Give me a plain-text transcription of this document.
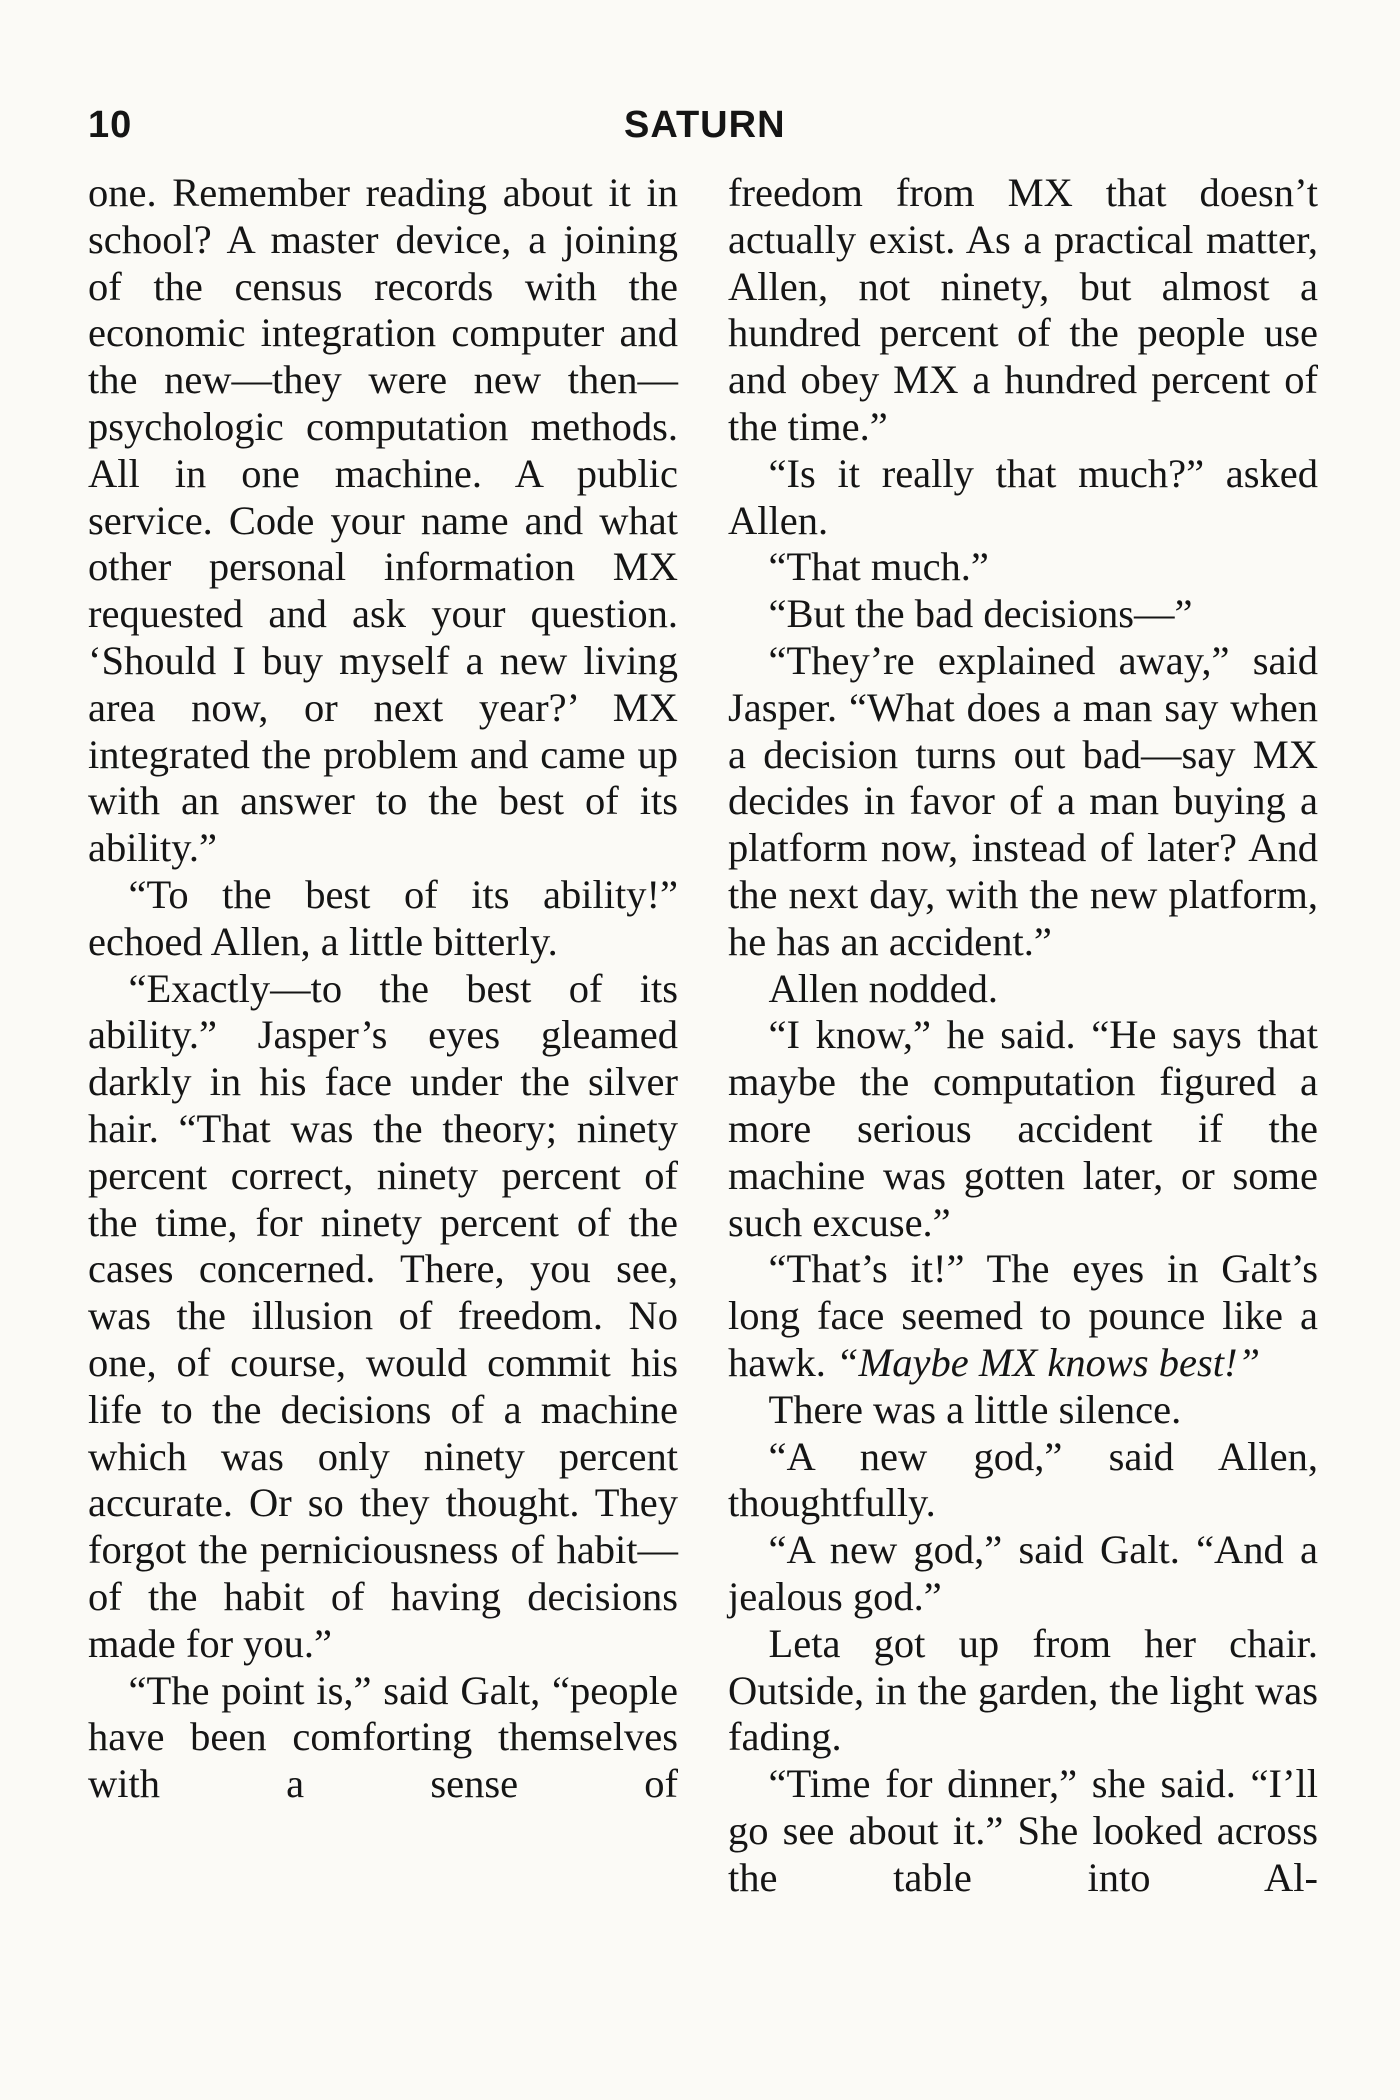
10	SATURN

one. Remember reading about it in school? A master device, a joining of the census records with the economic integration computer and the new—they were new then—psychologic computation methods. All in one machine. A public service. Code your name and what other personal information MX requested and ask your question. ‘Should I buy myself a new living area now, or next year?’ MX integrated the problem and came up with an answer to the best of its ability.”

“To the best of its ability!” echoed Allen, a little bitterly.

“Exactly—to the best of its ability.” Jasper’s eyes gleamed darkly in his face under the silver hair. “That was the theory; ninety percent correct, ninety percent of the time, for ninety percent of the cases concerned. There, you see, was the illusion of freedom. No one, of course, would commit his life to the decisions of a machine which was only ninety percent accurate. Or so they thought. They forgot the perniciousness of habit—of the habit of having decisions made for you.”

“The point is,” said Galt, “people have been comforting themselves with a sense of

freedom from MX that doesn’t actually exist. As a practical matter, Allen, not ninety, but almost a hundred percent of the people use and obey MX a hundred percent of the time.”

“Is it really that much?” asked Allen.

“That much.”

“But the bad decisions—”

“They’re explained away,” said Jasper. “What does a man say when a decision turns out bad—say MX decides in favor of a man buying a platform now, instead of later? And the next day, with the new platform, he has an accident.”

Allen nodded.

“I know,” he said. “He says that maybe the computation figured a more serious accident if the machine was gotten later, or some such excuse.”

“That’s it!” The eyes in Galt’s long face seemed to pounce like a hawk. “Maybe MX knows best!”

There was a little silence.

“A new god,” said Allen, thoughtfully.

“A new god,” said Galt. “And a jealous god.”

Leta got up from her chair. Outside, in the garden, the light was fading.

“Time for dinner,” she said. “I’ll go see about it.” She looked across the table into Al-
